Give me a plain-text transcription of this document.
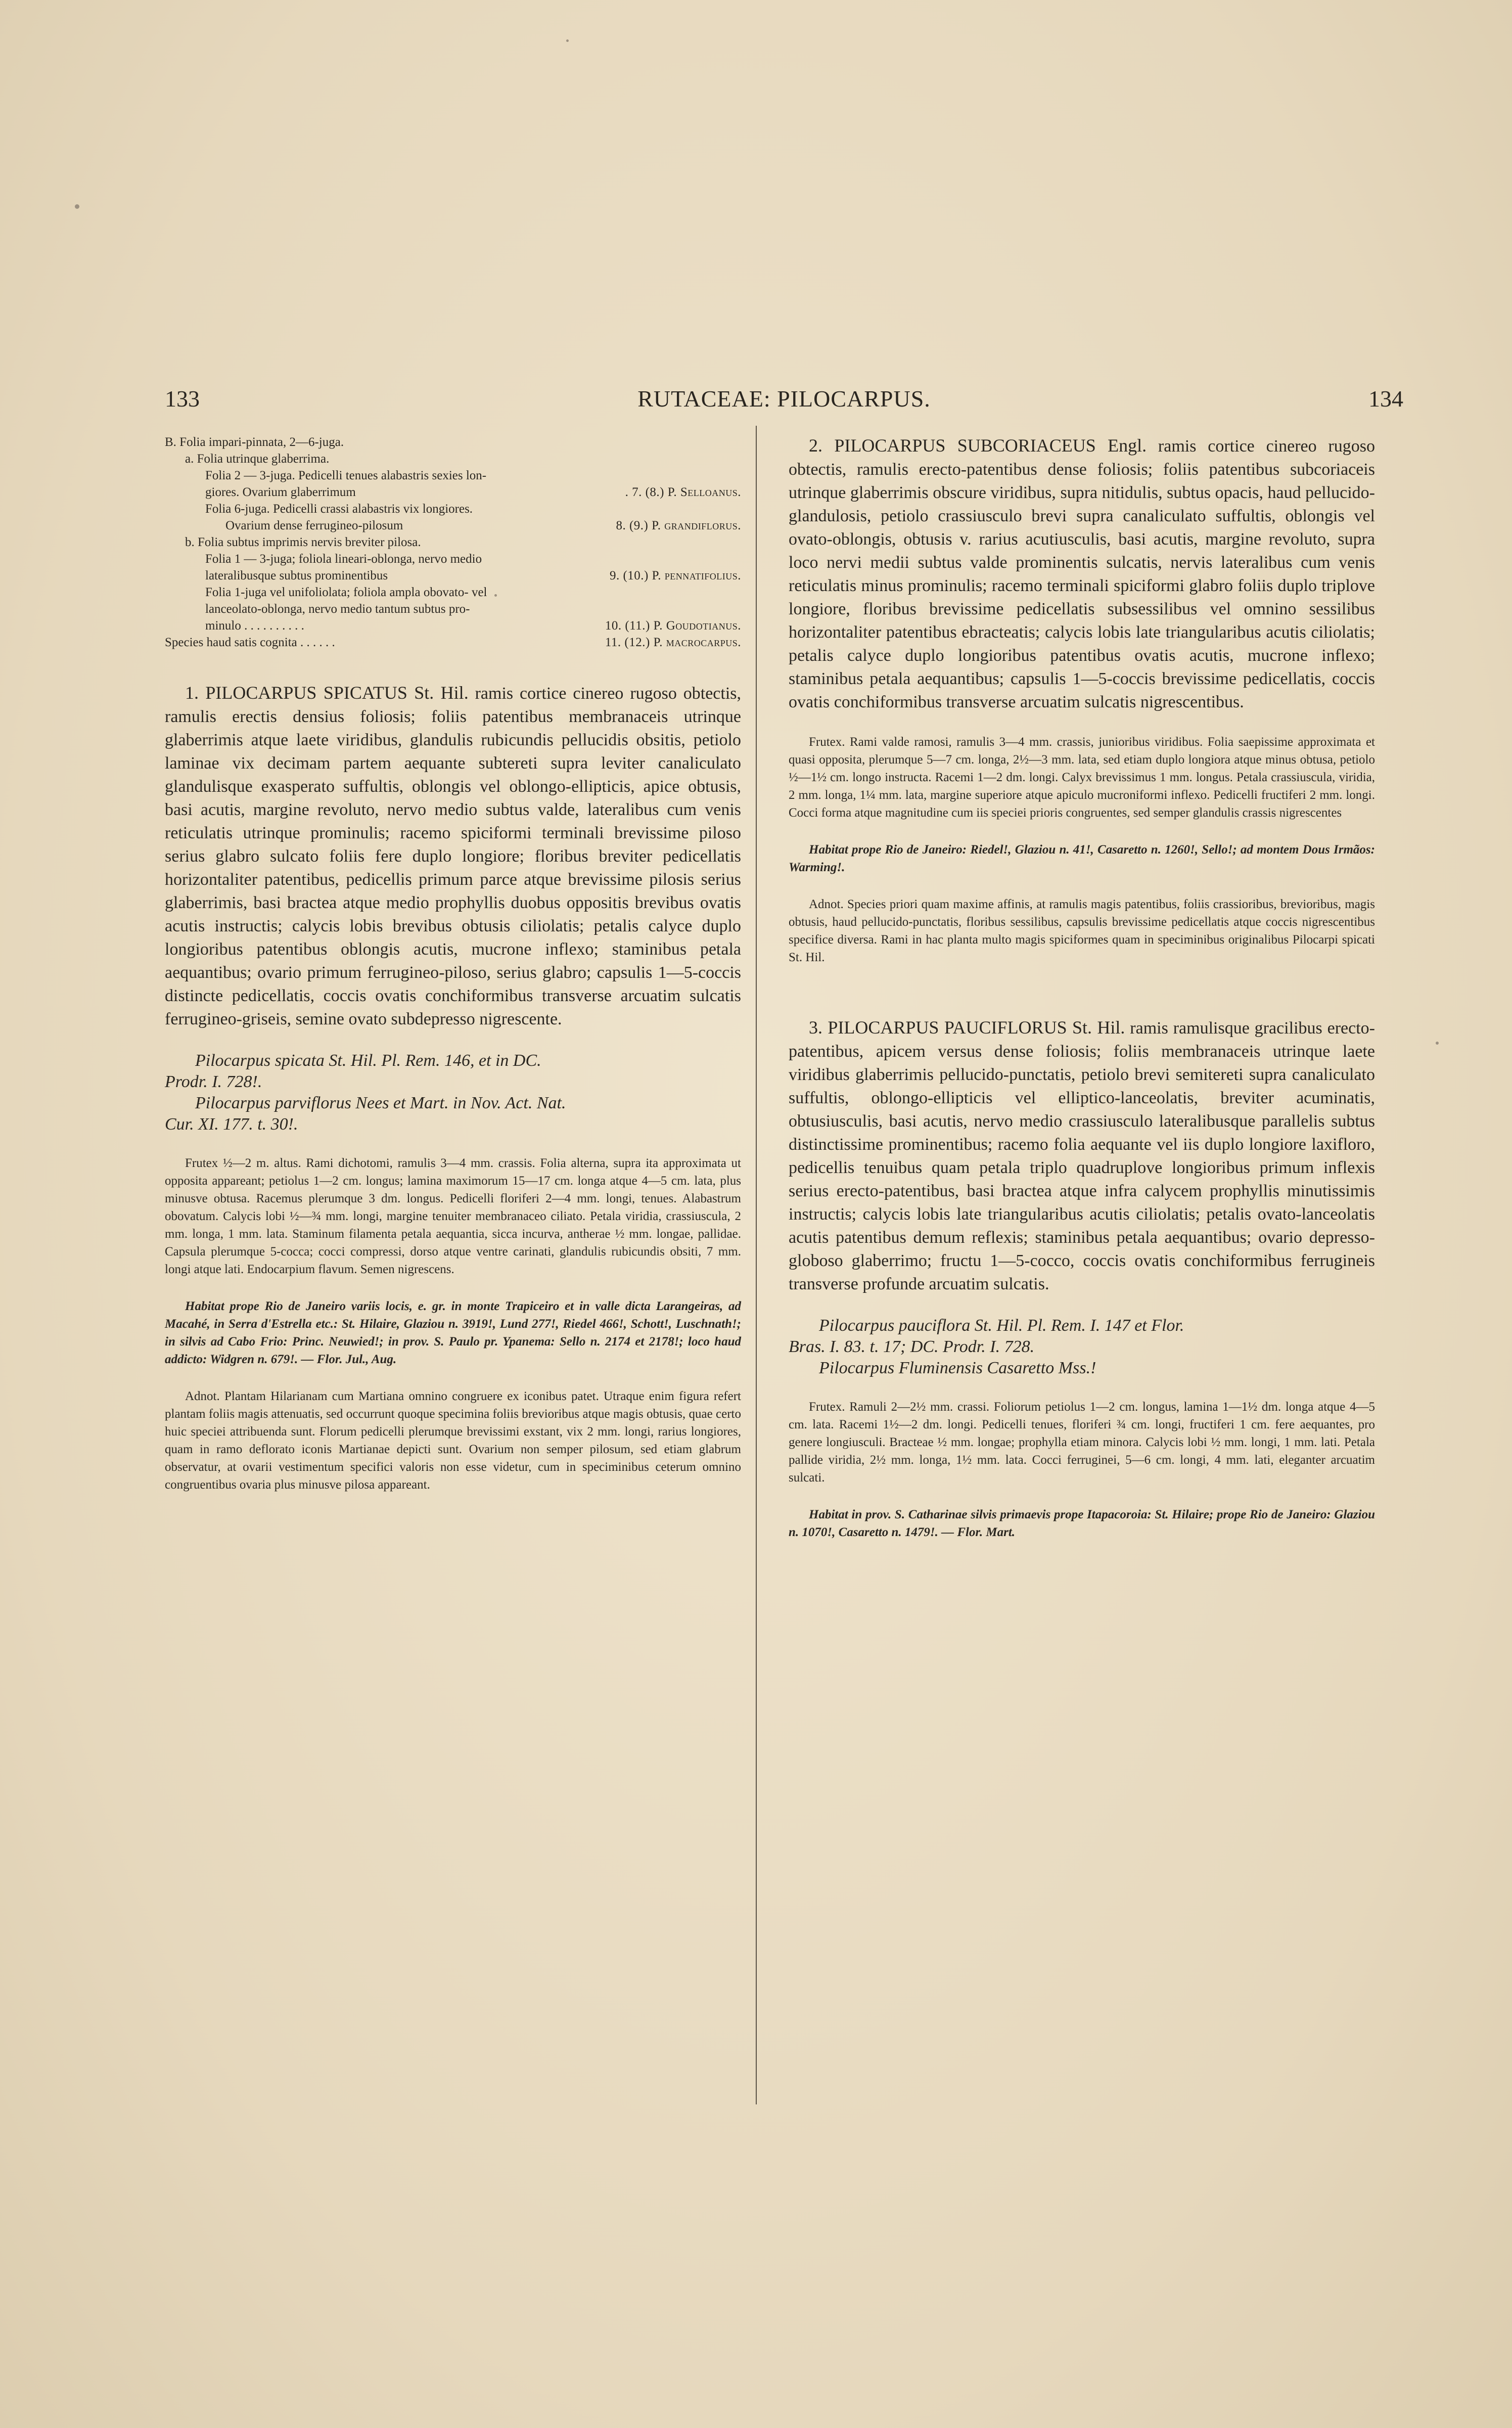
133	RUTACEAE: PILOCARPUS.	134
B. Folia impari-pinnata, 2—6-juga.
a. Folia utrinque glaberrima.
Folia 2 — 3-juga. Pedicelli tenues alabastris sexies lon-
giores. Ovarium glaberrimum	. 7. (8.) P. Selloanus.
Folia 6-juga. Pedicelli crassi alabastris vix longiores.
Ovarium dense ferrugineo-pilosum	8. (9.) P. grandiflorus.
b. Folia subtus imprimis nervis breviter pilosa.
Folia 1 — 3-juga; foliola lineari-oblonga, nervo medio
lateralibusque subtus prominentibus	9. (10.) P. pennatifolius.
Folia 1-juga vel unifoliolata; foliola ampla obovato- vel
lanceolato-oblonga, nervo medio tantum subtus pro-
minulo . . . . . . . . . .	10. (11.) P. Goudotianus.
Species haud satis cognita . . . . . .	11. (12.) P. macrocarpus.

1. PILOCARPUS SPICATUS St. Hil. ramis cortice cinereo rugoso obtectis, ramulis erectis densius foliosis; foliis patentibus membranaceis utrinque glaberrimis atque laete viridibus, glandulis rubicundis pellucidis obsitis, petiolo laminae vix decimam partem aequante subtereti supra leviter canaliculato glandulisque exasperato suffultis, oblongis vel oblongo-ellipticis, apice obtusis, basi acutis, margine revoluto, nervo medio subtus valde, lateralibus cum venis reticulatis utrinque prominulis; racemo spiciformi terminali brevissime piloso serius glabro sulcato foliis fere duplo longiore; floribus breviter pedicellatis horizontaliter patentibus, pedicellis primum parce atque brevissime pilosis serius glaberrimis, basi bractea atque medio prophyllis duobus oppositis brevibus ovatis acutis instructis; calycis lobis brevibus obtusis ciliolatis; petalis calyce duplo longioribus patentibus oblongis acutis, mucrone inflexo; staminibus petala aequantibus; ovario primum ferrugineo-piloso, serius glabro; capsulis 1—5-coccis distincte pedicellatis, coccis ovatis conchiformibus transverse arcuatim sulcatis ferrugineo-griseis, semine ovato subdepresso nigrescente.

Pilocarpus spicata St. Hil. Pl. Rem. 146, et in DC.
Prodr. I. 728!.
Pilocarpus parviflorus Nees et Mart. in Nov. Act. Nat.
Cur. XI. 177. t. 30!.

Frutex ½—2 m. altus. Rami dichotomi, ramulis 3—4 mm. crassis. Folia alterna, supra ita approximata ut opposita appareant; petiolus 1—2 cm. longus; lamina maximorum 15—17 cm. longa atque 4—5 cm. lata, plus minusve obtusa. Racemus plerumque 3 dm. longus. Pedicelli floriferi 2—4 mm. longi, tenues. Alabastrum obovatum. Calycis lobi ½—¾ mm. longi, margine tenuiter membranaceo ciliato. Petala viridia, crassiuscula, 2 mm. longa, 1 mm. lata. Staminum filamenta petala aequantia, sicca incurva, antherae ½ mm. longae, pallidae. Capsula plerumque 5-cocca; cocci compressi, dorso atque ventre carinati, glandulis rubicundis obsiti, 7 mm. longi atque lati. Endocarpium flavum. Semen nigrescens.

Habitat prope Rio de Janeiro variis locis, e. gr. in monte Trapiceiro et in valle dicta Larangeiras, ad Macahé, in Serra d'Estrella etc.: St. Hilaire, Glaziou n. 3919!, Lund 277!, Riedel 466!, Schott!, Luschnath!; in silvis ad Cabo Frio: Princ. Neuwied!; in prov. S. Paulo pr. Ypanema: Sello n. 2174 et 2178!; loco haud addicto: Widgren n. 679!. — Flor. Jul., Aug.

Adnot. Plantam Hilarianam cum Martiana omnino congruere ex iconibus patet. Utraque enim figura refert plantam foliis magis attenuatis, sed occurrunt quoque specimina foliis brevioribus atque magis obtusis, quae certo huic speciei attribuenda sunt. Florum pedicelli plerumque brevissimi exstant, vix 2 mm. longi, rarius longiores, quam in ramo deflorato iconis Martianae depicti sunt. Ovarium non semper pilosum, sed etiam glabrum observatur, at ovarii vestimentum specifici valoris non esse videtur, cum in speciminibus ceterum omnino congruentibus ovaria plus minusve pilosa appareant.

2. PILOCARPUS SUBCORIACEUS Engl. ramis cortice cinereo rugoso obtectis, ramulis erecto-patentibus dense foliosis; foliis patentibus subcoriaceis utrinque glaberrimis obscure viridibus, supra nitidulis, subtus opacis, haud pellucido-glandulosis, petiolo crassiusculo brevi supra canaliculato suffultis, oblongis vel ovato-oblongis, obtusis v. rarius acutiusculis, basi acutis, margine revoluto, supra loco nervi medii subtus valde prominentis sulcatis, nervis lateralibus cum venis reticulatis minus prominulis; racemo terminali spiciformi glabro foliis duplo triplove longiore, floribus brevissime pedicellatis subsessilibus vel omnino sessilibus horizontaliter patentibus ebracteatis; calycis lobis late triangularibus acutis ciliolatis; petalis calyce duplo longioribus patentibus ovatis acutis, mucrone inflexo; staminibus petala aequantibus; capsulis 1—5-coccis brevissime pedicellatis, coccis ovatis conchiformibus transverse arcuatim sulcatis nigrescentibus.

Frutex. Rami valde ramosi, ramulis 3—4 mm. crassis, junioribus viridibus. Folia saepissime approximata et quasi opposita, plerumque 5—7 cm. longa, 2½—3 mm. lata, sed etiam duplo longiora atque minus obtusa, petiolo ½—1½ cm. longo instructa. Racemi 1—2 dm. longi. Calyx brevissimus 1 mm. longus. Petala crassiuscula, viridia, 2 mm. longa, 1¼ mm. lata, margine superiore atque apiculo mucroniformi inflexo. Pedicelli fructiferi 2 mm. longi. Cocci forma atque magnitudine cum iis speciei prioris congruentes, sed semper glandulis crassis nigrescentes

Habitat prope Rio de Janeiro: Riedel!, Glaziou n. 41!, Casaretto n. 1260!, Sello!; ad montem Dous Irmãos: Warming!.

Adnot. Species priori quam maxime affinis, at ramulis magis patentibus, foliis crassioribus, brevioribus, magis obtusis, haud pellucido-punctatis, floribus sessilibus, capsulis brevissime pedicellatis atque coccis nigrescentibus specifice diversa. Rami in hac planta multo magis spiciformes quam in speciminibus originalibus Pilocarpi spicati St. Hil.

3. PILOCARPUS PAUCIFLORUS St. Hil. ramis ramulisque gracilibus erecto-patentibus, apicem versus dense foliosis; foliis membranaceis utrinque laete viridibus glaberrimis pellucido-punctatis, petiolo brevi semitereti supra canaliculato suffultis, oblongo-ellipticis vel elliptico-lanceolatis, breviter acuminatis, obtusiusculis, basi acutis, nervo medio crassiusculo lateralibusque parallelis subtus distinctissime prominentibus; racemo folia aequante vel iis duplo longiore laxifloro, pedicellis tenuibus quam petala triplo quadruplove longioribus primum inflexis serius erecto-patentibus, basi bractea atque infra calycem prophyllis minutissimis instructis; calycis lobis late triangularibus acutis ciliolatis; petalis ovato-lanceolatis acutis patentibus demum reflexis; staminibus petala aequantibus; ovario depresso-globoso glaberrimo; fructu 1—5-cocco, coccis ovatis conchiformibus ferrugineis transverse profunde arcuatim sulcatis.

Pilocarpus pauciflora St. Hil. Pl. Rem. I. 147 et Flor.
Bras. I. 83. t. 17; DC. Prodr. I. 728.
Pilocarpus Fluminensis Casaretto Mss.!

Frutex. Ramuli 2—2½ mm. crassi. Foliorum petiolus 1—2 cm. longus, lamina 1—1½ dm. longa atque 4—5 cm. lata. Racemi 1½—2 dm. longi. Pedicelli tenues, floriferi ¾ cm. longi, fructiferi 1 cm. fere aequantes, pro genere longiusculi. Bracteae ½ mm. longae; prophylla etiam minora. Calycis lobi ½ mm. longi, 1 mm. lati. Petala pallide viridia, 2½ mm. longa, 1½ mm. lata. Cocci ferruginei, 5—6 cm. longi, 4 mm. lati, eleganter arcuatim sulcati.

Habitat in prov. S. Catharinae silvis primaevis prope Itapacoroia: St. Hilaire; prope Rio de Janeiro: Glaziou n. 1070!, Casaretto n. 1479!. — Flor. Mart.
